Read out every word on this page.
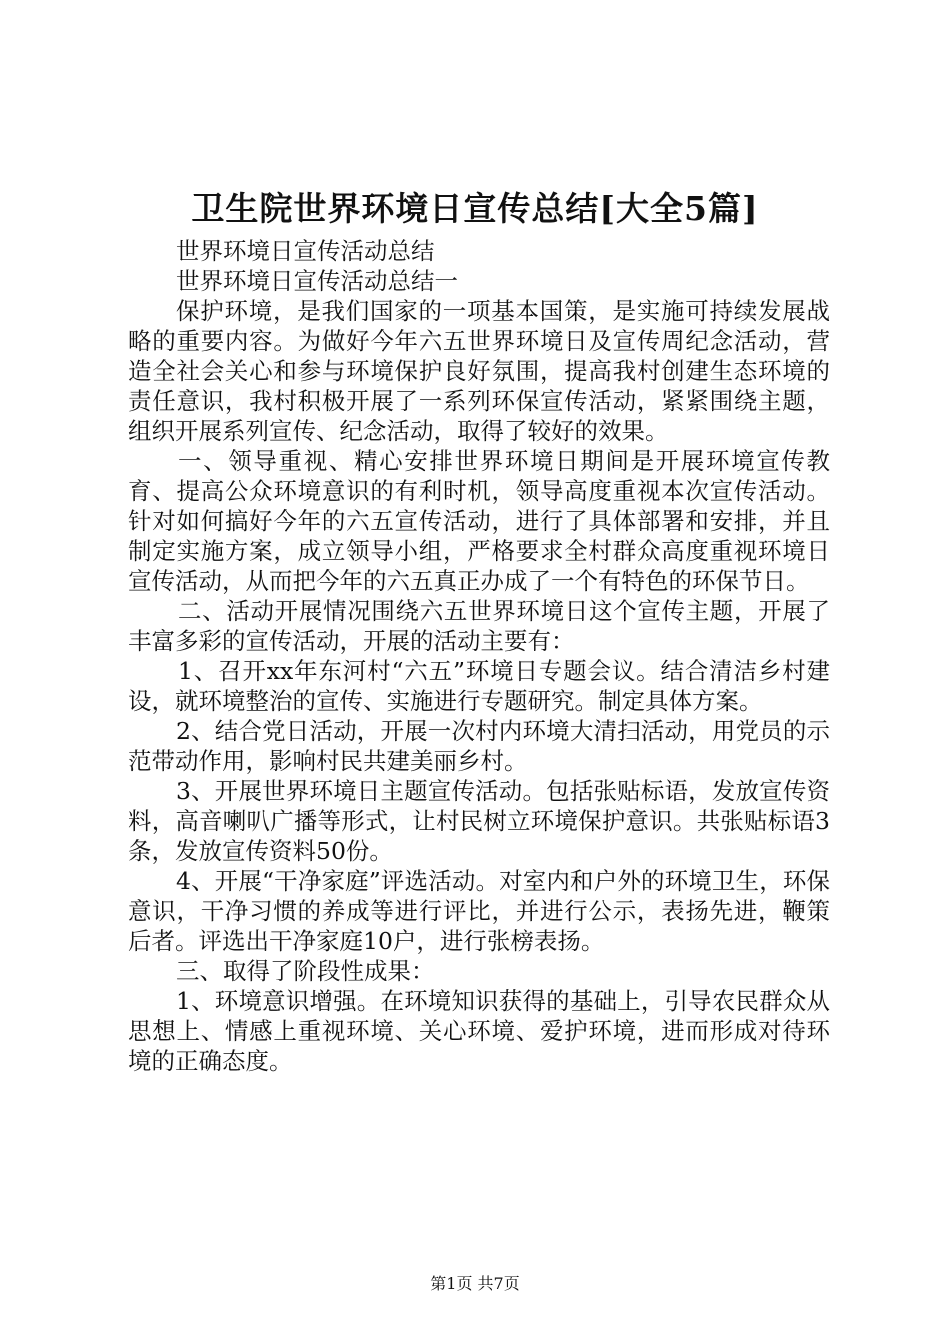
卫生院世界环境日宣传总结[大全5篇]

世界环境日宣传活动总结

世界环境日宣传活动总结一

保护环境，是我们国家的一项基本国策，是实施可持续发展战略的重要内容。为做好今年六五世界环境日及宣传周纪念活动，营造全社会关心和参与环境保护良好氛围，提高我村创建生态环境的责任意识，我村积极开展了一系列环保宣传活动，紧紧围绕主题，组织开展系列宣传、纪念活动，取得了较好的效果。

一、领导重视、精心安排世界环境日期间是开展环境宣传教育、提高公众环境意识的有利时机，领导高度重视本次宣传活动。针对如何搞好今年的六五宣传活动，进行了具体部署和安排，并且制定实施方案，成立领导小组，严格要求全村群众高度重视环境日宣传活动，从而把今年的六五真正办成了一个有特色的环保节日。

二、活动开展情况围绕六五世界环境日这个宣传主题，开展了丰富多彩的宣传活动，开展的活动主要有：

1、召开xx年东河村“六五”环境日专题会议。结合清洁乡村建设，就环境整治的宣传、实施进行专题研究。制定具体方案。

2、结合党日活动，开展一次村内环境大清扫活动，用党员的示范带动作用，影响村民共建美丽乡村。

3、开展世界环境日主题宣传活动。包括张贴标语，发放宣传资料，高音喇叭广播等形式，让村民树立环境保护意识。共张贴标语3条，发放宣传资料50份。

4、开展“干净家庭”评选活动。对室内和户外的环境卫生，环保意识，干净习惯的养成等进行评比，并进行公示，表扬先进，鞭策后者。评选出干净家庭10户，进行张榜表扬。

三、取得了阶段性成果：

1、环境意识增强。在环境知识获得的基础上，引导农民群众从思想上、情感上重视环境、关心环境、爱护环境，进而形成对待环境的正确态度。

第1页 共7页
